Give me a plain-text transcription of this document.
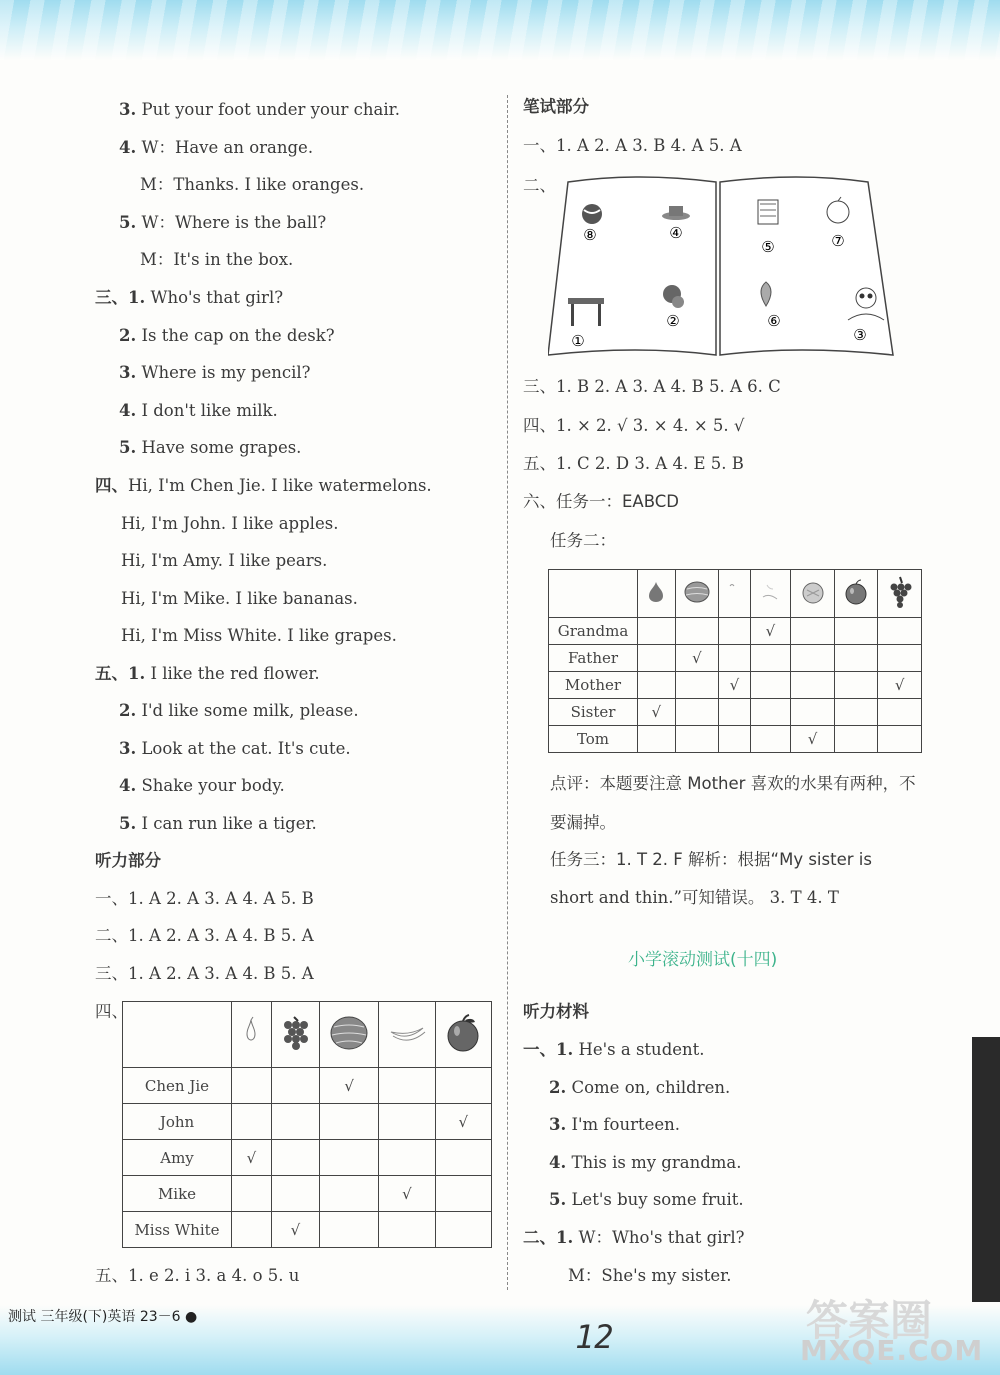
3. Put your foot under your chair.
4. W：Have an orange.
M：Thanks. I like oranges.
5. W：Where is the ball?
M：It's in the box.
三、1. Who's that girl?
2. Is the cap on the desk?
3. Where is my pencil?
4. I don't like milk.
5. Have some grapes.
四、Hi, I'm Chen Jie. I like watermelons.
Hi, I'm John. I like apples.
Hi, I'm Amy. I like pears.
Hi, I'm Mike. I like bananas.
Hi, I'm Miss White. I like grapes.
五、1. I like the red flower.
2. I'd like some milk, please.
3. Look at the cat. It's cute.
4. Shake your body.
5. I can run like a tiger.
听力部分
一、1. A 2. A 3. A 4. A 5. B
二、1. A 2. A 3. A 4. B 5. A
三、1. A 2. A 3. A 4. B 5. A
四、

Chen Jie			√		
John					√
Amy	√				
Mike				√	
Miss White		√			
五、1. e 2. i 3. a 4. o 5. u
笔试部分
一、1. A 2. A 3. B 4. A 5. A
二、
⑧	④
⑤	⑦
①
②	⑥
③
三、1. B 2. A 3. A 4. B 5. A 6. C
四、1. × 2. √ 3. × 4. × 5. √
五、1. C 2. D 3. A 4. E 5. B
六、任务一：EABCD
任务二：

Grandma				√			
Father		√					
Mother			√				√
Sister	√						
Tom					√		
点评：本题要注意 Mother 喜欢的水果有两种，不
要漏掉。
任务三：1. T 2. F 解析：根据“My sister is
short and thin.”可知错误。 3. T 4. T
小学滚动测试(十四)
听力材料
一、1. He's a student.
2. Come on, children.
3. I'm fourteen.
4. This is my grandma.
5. Let's buy some fruit.
二、1. W：Who's that girl?
M：She's my sister.
测试 三年级(下)英语 23－6 ●
12	答案圈
MXQE.COM
